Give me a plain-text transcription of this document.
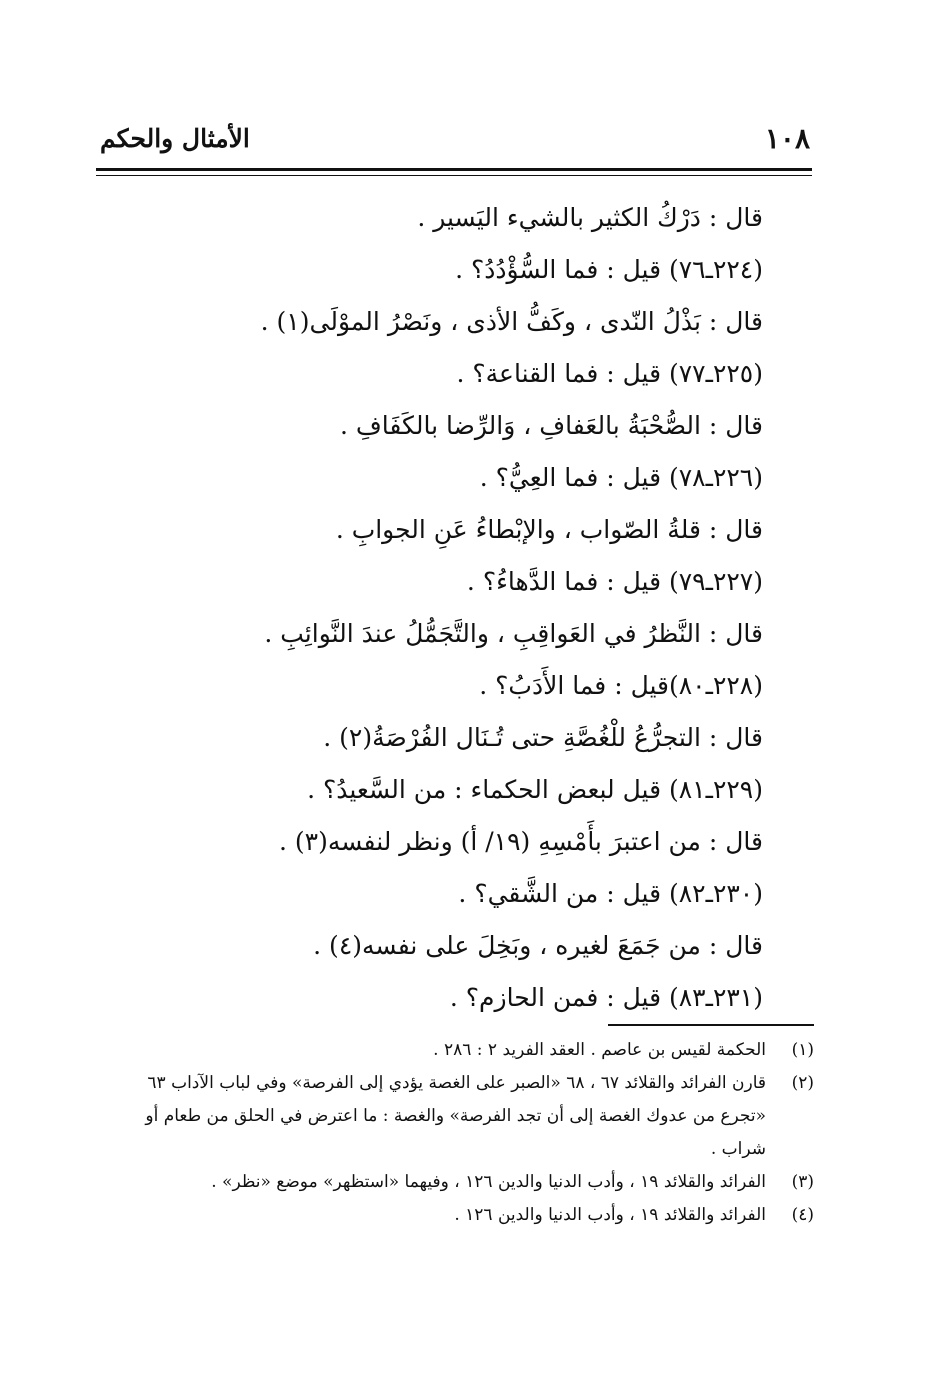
١٠٨
الأمثال والحكم
قال : دَرْكُ الكثير بالشيء اليَسير .
(٢٢٤ـ٧٦) قيل : فما السُّؤْدُدُ؟ .
قال : بَذْلُ النّدى ، وكَفُّ الأذى ، ونَصْرُ الموْلَى(١) .
(٢٢٥ـ٧٧) قيل : فما القناعة؟ .
قال : الصُّحْبَةُ بالعَفافِ ، وَالرِّضا بالكَفَافِ .
(٢٢٦ـ٧٨) قيل : فما العِيُّ؟ .
قال : قلةُ الصّواب ، والإبْطاءُ عَنِ الجوابِ .
(٢٢٧ـ٧٩) قيل : فما الدَّهاءُ؟ .
قال : النَّظرُ في العَواقِبِ ، والتَّجَمُّلُ عندَ النَّوائِبِ .
(٢٢٨ـ٨٠)قيل : فما الأَدَبُ؟ .
قال : التجرُّعُ للْغُصَّةِ حتى تُـنَال الفُرْصَةُ(٢) .
(٢٢٩ـ٨١) قيل لبعض الحكماء : من السَّعيدُ؟ .
قال : من اعتبرَ بأَمْسِهِ (١٩/ أ) ونظر لنفسه(٣) .
(٢٣٠ـ٨٢) قيل : من الشَّقي؟ .
قال : من جَمَعَ لغيره ، وبَخِلَ على نفسه(٤) .
(٢٣١ـ٨٣) قيل : فمن الحازم؟ .
(١)
الحكمة لقيس بن عاصم . العقد الفريد ٢ : ٢٨٦ .
(٢)
قارن الفرائد والقلائد ٦٧ ، ٦٨ «الصبر على الغصة يؤدي إلى الفرصة» وفي لباب الآداب ٦٣
«تجرع من عدوك الغصة إلى أن تجد الفرصة» والغصة : ما اعترض في الحلق من طعام أو
شراب .
(٣)
الفرائد والقلائد ١٩ ، وأدب الدنيا والدين ١٢٦ ، وفيهما «استظهر» موضع «نظر» .
(٤)
الفرائد والقلائد ١٩ ، وأدب الدنيا والدين ١٢٦ .
